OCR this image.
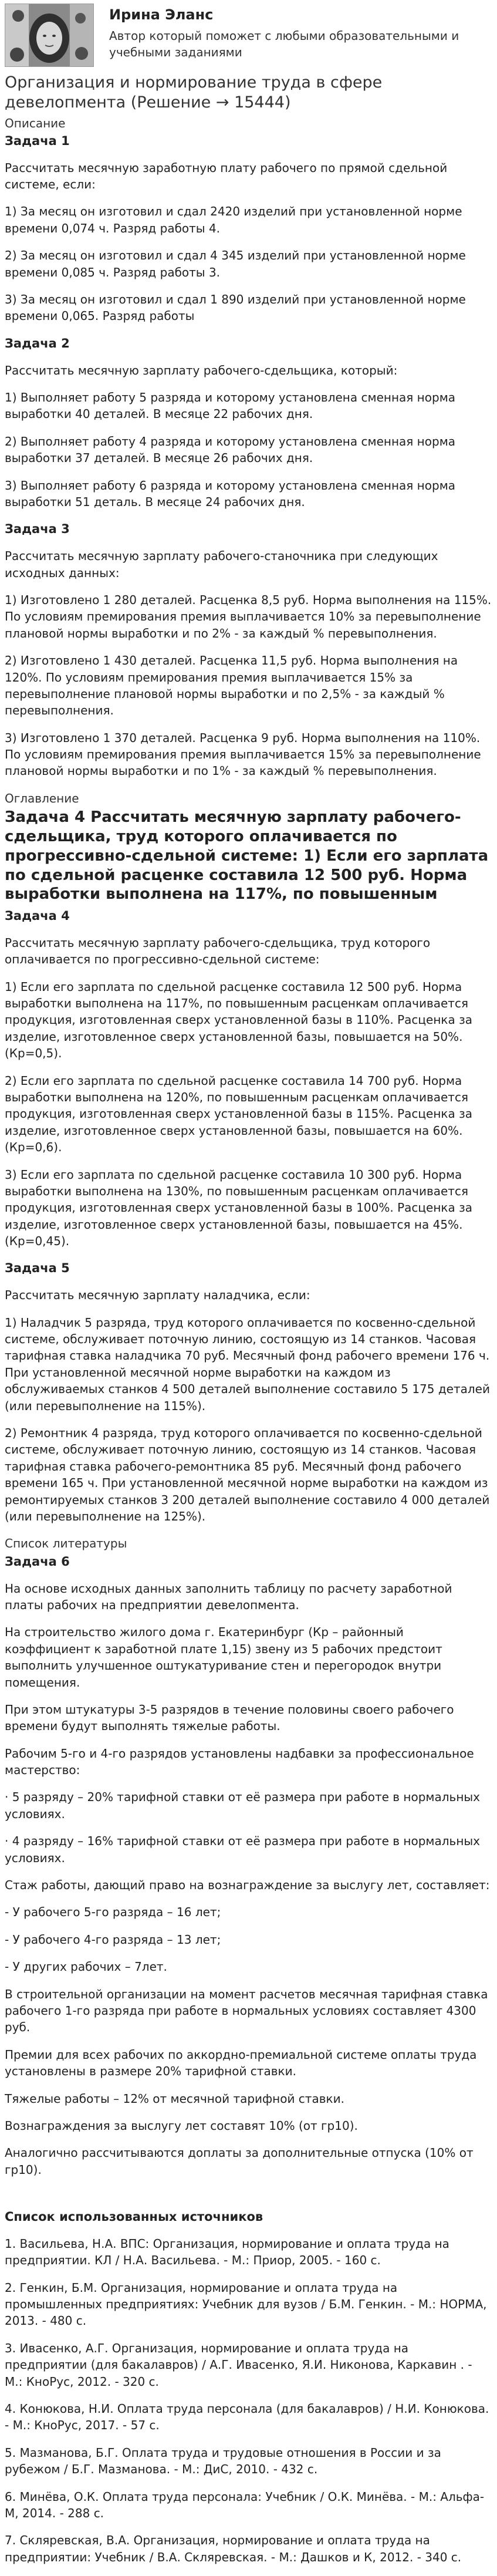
Ирина Эланс
Автор который поможет с любыми образовательными и учебными заданиями
Организация и нормирование труда в сфере девелопмента (Решение → 15444)
Описание
Задача 1

Рассчитать месячную заработную плату рабочего по прямой сдельной системе, если:

1) За месяц он изготовил и сдал 2420 изделий при установленной норме времени 0,074 ч. Разряд работы 4.

2) За месяц он изготовил и сдал 4 345 изделий при установленной норме времени 0,085 ч. Разряд работы 3.

3) За месяц он изготовил и сдал 1 890 изделий при установленной норме времени 0,065. Разряд работы

Задача 2

Рассчитать месячную зарплату рабочего-сдельщика, который:

1) Выполняет работу 5 разряда и которому установлена сменная норма выработки 40 деталей. В месяце 22 рабочих дня.

2) Выполняет работу 4 разряда и которому установлена сменная норма выработки 37 деталей. В месяце 26 рабочих дня.

3) Выполняет работу 6 разряда и которому установлена сменная норма выработки 51 деталь. В месяце 24 рабочих дня.

Задача 3

Рассчитать месячную зарплату рабочего-станочника при следующих исходных данных:

1) Изготовлено 1 280 деталей. Расценка 8,5 руб. Норма выполнения на 115%. По условиям премирования премия выплачивается 10% за перевыполнение плановой нормы выработки и по 2% - за каждый % перевыполнения.

2) Изготовлено 1 430 деталей. Расценка 11,5 руб. Норма выполнения на 120%. По условиям премирования премия выплачивается 15% за перевыполнение плановой нормы выработки и по 2,5% - за каждый % перевыполнения.

3) Изготовлено 1 370 деталей. Расценка 9 руб. Норма выполнения на 110%. По условиям премирования премия выплачивается 15% за перевыполнение плановой нормы выработки и по 1% - за каждый % перевыполнения.

Оглавление
Задача 4 Рассчитать месячную зарплату рабочего-сдельщика, труд которого оплачивается по прогрессивно-сдельной системе: 1) Если его зарплата по сдельной расценке составила 12 500 руб. Норма выработки выполнена на 117%, по повышенным
Задача 4

Рассчитать месячную зарплату рабочего-сдельщика, труд которого оплачивается по прогрессивно-сдельной системе:

1) Если его зарплата по сдельной расценке составила 12 500 руб. Норма выработки выполнена на 117%, по повышенным расценкам оплачивается продукция, изготовленная сверх установленной базы в 110%. Расценка за изделие, изготовленное сверх установленной базы, повышается на 50%. (Кр=0,5).

2) Если его зарплата по сдельной расценке составила 14 700 руб. Норма выработки выполнена на 120%, по повышенным расценкам оплачивается продукция, изготовленная сверх установленной базы в 115%. Расценка за изделие, изготовленное сверх установленной базы, повышается на 60%. (Кр=0,6).

3) Если его зарплата по сдельной расценке составила 10 300 руб. Норма выработки выполнена на 130%, по повышенным расценкам оплачивается продукция, изготовленная сверх установленной базы в 100%. Расценка за изделие, изготовленное сверх установленной базы, повышается на 45%. (Кр=0,45).

Задача 5

Рассчитать месячную зарплату наладчика, если:

1) Наладчик 5 разряда, труд которого оплачивается по косвенно-сдельной системе, обслуживает поточную линию, состоящую из 14 станков. Часовая тарифная ставка наладчика 70 руб. Месячный фонд рабочего времени 176 ч. При установленной месячной норме выработки на каждом из обслуживаемых станков 4 500 деталей выполнение составило 5 175 деталей (или перевыполнение на 115%).

2) Ремонтник 4 разряда, труд которого оплачивается по косвенно-сдельной системе, обслуживает поточную линию, состоящую из 14 станков. Часовая тарифная ставка рабочего-ремонтника 85 руб. Месячный фонд рабочего времени 165 ч. При установленной месячной норме выработки на каждом из ремонтируемых станков 3 200 деталей выполнение составило 4 000 деталей (или перевыполнение на 125%).

Список литературы
Задача 6

На основе исходных данных заполнить таблицу по расчету заработной платы рабочих на предприятии девелопмента.

На строительство жилого дома г. Екатеринбург (Кр – районный коэффициент к заработной плате 1,15) звену из 5 рабочих предстоит выполнить улучшенное оштукатуривание стен и перегородок внутри помещения.

При этом штукатуры 3-5 разрядов в течение половины своего рабочего времени будут выполнять тяжелые работы.

Рабочим 5-го и 4-го разрядов установлены надбавки за профессиональное мастерство:

· 5 разряду – 20% тарифной ставки от её размера при работе в нормальных условиях.

· 4 разряду – 16% тарифной ставки от её размера при работе в нормальных условиях.

Стаж работы, дающий право на вознаграждение за выслугу лет, составляет:

- У рабочего 5-го разряда – 16 лет;

- У рабочего 4-го разряда – 13 лет;

- У других рабочих – 7лет.

В строительной организации на момент расчетов месячная тарифная ставка рабочего 1-го разряда при работе в нормальных условиях составляет 4300 руб.

Премии для всех рабочих по аккордно-премиальной системе оплаты труда установлены в размере 20% тарифной ставки.

Тяжелые работы – 12% от месячной тарифной ставки.

Вознаграждения за выслугу лет составят 10% (от гр10).

Аналогично рассчитываются доплаты за дополнительные отпуска (10% от гр10).

Список использованных источников

1. Васильева, Н.А. ВПС: Организация, нормирование и оплата труда на предприятии. КЛ / Н.А. Васильева. - М.: Приор, 2005. - 160 c.

2. Генкин, Б.М. Организация, нормирование и оплата труда на промышленных предприятиях: Учебник для вузов / Б.М. Генкин. - М.: НОРМА, 2013. - 480 c.

3. Ивасенко, А.Г. Организация, нормирование и оплата труда на предприятии (для бакалавров) / А.Г. Ивасенко, Я.И. Никонова, Каркавин . - М.: КноРус, 2012. - 320 c.

4. Конюкова, Н.И. Оплата труда персонала (для бакалавров) / Н.И. Конюкова. - М.: КноРус, 2017. - 57 c.

5. Мазманова, Б.Г. Оплата труда и трудовые отношения в России и за рубежом / Б.Г. Мазманова. - М.: ДиС, 2010. - 432 c.

6. Минёва, О.К. Оплата труда персонала: Учебник / О.К. Минёва. - М.: Альфа-М, 2014. - 288 c.

7. Скляревская, В.А. Организация, нормирование и оплата труда на предприятии: Учебник / В.А. Скляревская. - М.: Дашков и К, 2012. - 340 c.
